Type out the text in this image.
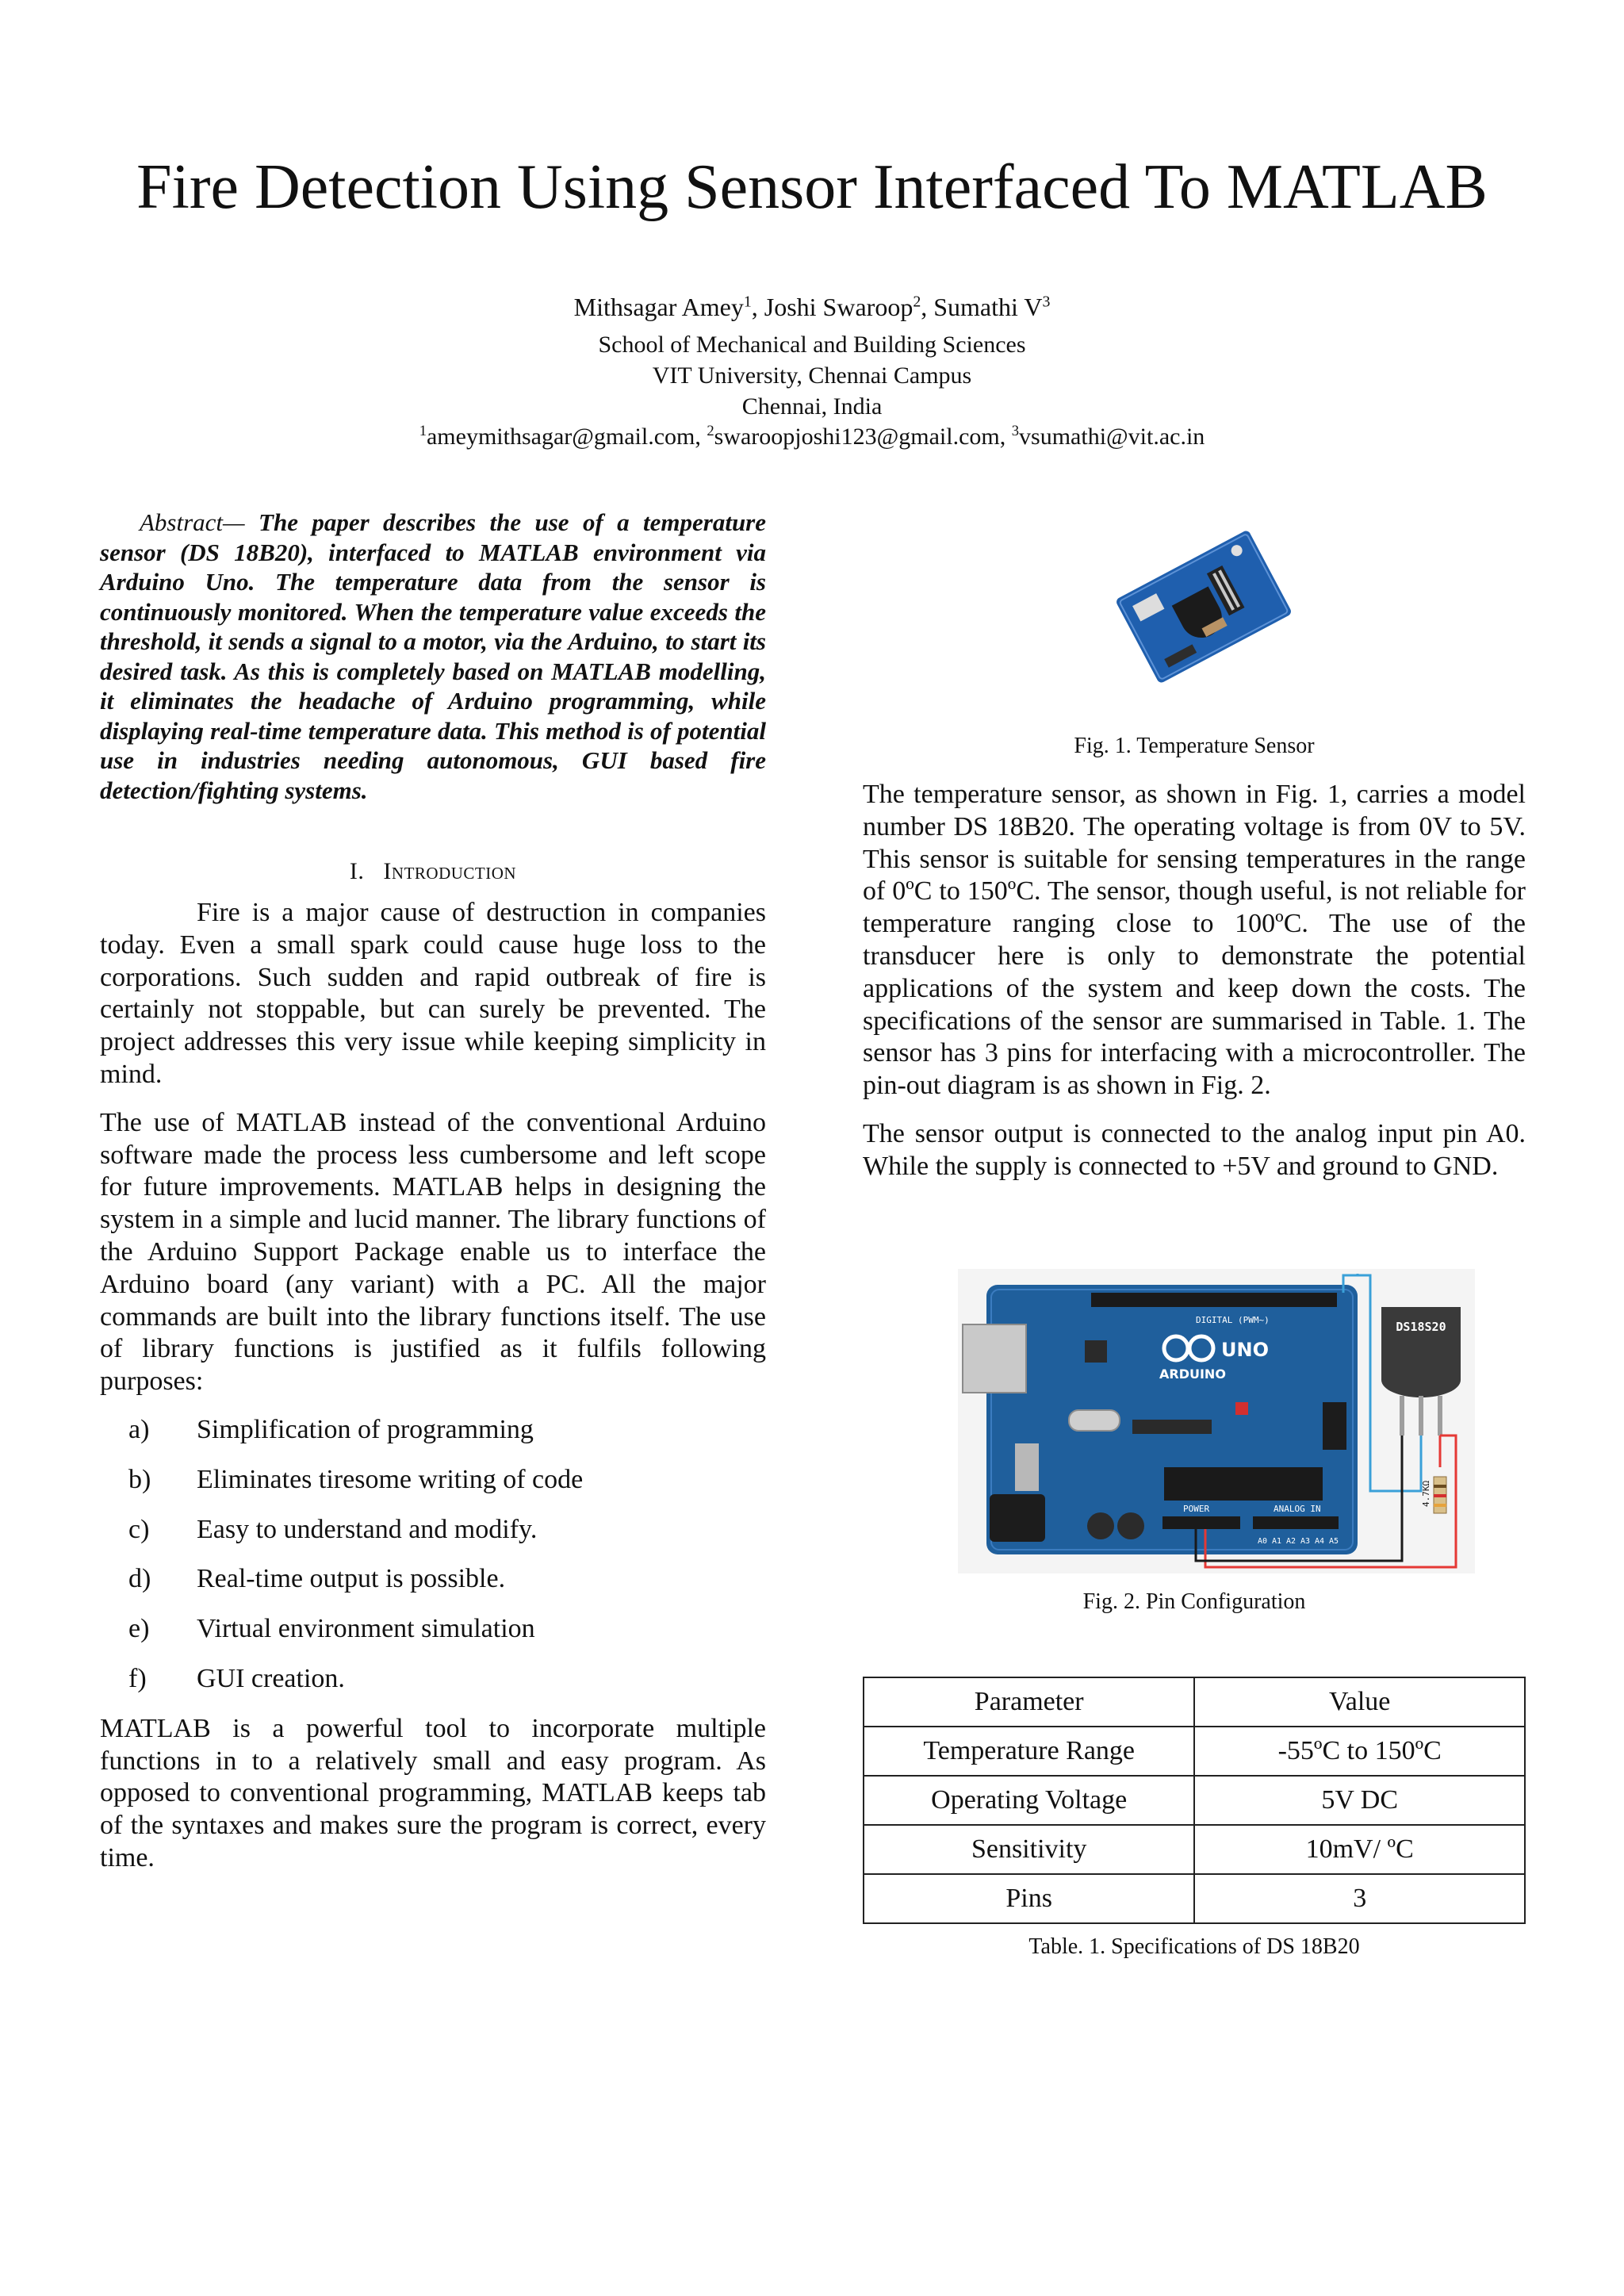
Fire Detection Using Sensor Interfaced To MATLAB
Mithsagar Amey$^1$, Joshi Swaroop$^2$, Sumathi $V^3$
School of Mechanical and Building Sciences
VIT University, Chennai Campus
Chennai, India
$^1$ameymithsagar@gmail.com, $^2$swaroopjoshi123@gmail.com, $^3$vsumathi@vit.ac.in

Abstract— The paper describes the use of a temperature sensor (DS 18B20), interfaced to MATLAB environment via Arduino Uno. The temperature data from the sensor is continuously monitored. When the temperature value exceeds the threshold, it sends a signal to a motor, via the Arduino, to start its desired task. As this is completely based on MATLAB modelling, it eliminates the headache of Arduino programming, while displaying real-time temperature data. This method is of potential use in industries needing autonomous, GUI based fire detection/fighting systems.

I. Introduction

Fire is a major cause of destruction in companies today. Even a small spark could cause huge loss to the corporations. Such sudden and rapid outbreak of fire is certainly not stoppable, but can surely be prevented. The project addresses this very issue while keeping simplicity in mind.

The use of MATLAB instead of the conventional Arduino software made the process less cumbersome and left scope for future improvements. MATLAB helps in designing the system in a simple and lucid manner. The library functions of the Arduino Support Package enable us to interface the Arduino board (any variant) with a PC. All the major commands are built into the library functions itself. The use of library functions is justified as it fulfils following purposes:

a) Simplification of programming
b) Eliminates tiresome writing of code
c) Easy to understand and modify.
d) Real-time output is possible.
e) Virtual environment simulation
f) GUI creation.

MATLAB is a powerful tool to incorporate multiple functions in to a relatively small and easy program. As opposed to conventional programming, MATLAB keeps tab of the syntaxes and makes sure the program is correct, every time.

Fig. 1. Temperature Sensor

The temperature sensor, as shown in Fig. 1, carries a model number DS 18B20. The operating voltage is from 0V to 5V. This sensor is suitable for sensing temperatures in the range of 0ºC to 150ºC. The sensor, though useful, is not reliable for temperature ranging close to 100ºC. The use of the transducer here is only to demonstrate the potential applications of the system and keep down the costs. The specifications of the sensor are summarised in Table. 1. The sensor has 3 pins for interfacing with a microcontroller. The pin-out diagram is as shown in Fig. 2.

The sensor output is connected to the analog input pin A0. While the supply is connected to +5V and ground to GND.

DIGITAL (PWM~)
ARDUINO
UNO
POWER	ANALOG IN
A0 A1 A2 A3 A4 A5
DS18S20
4.7KΩ
Fig. 2. Pin Configuration
Parameter	Value
Temperature Range	-55ºC to 150ºC
Operating Voltage	5V DC
Sensitivity	10mV/ ºC
Pins	3
Table. 1. Specifications of DS 18B20
